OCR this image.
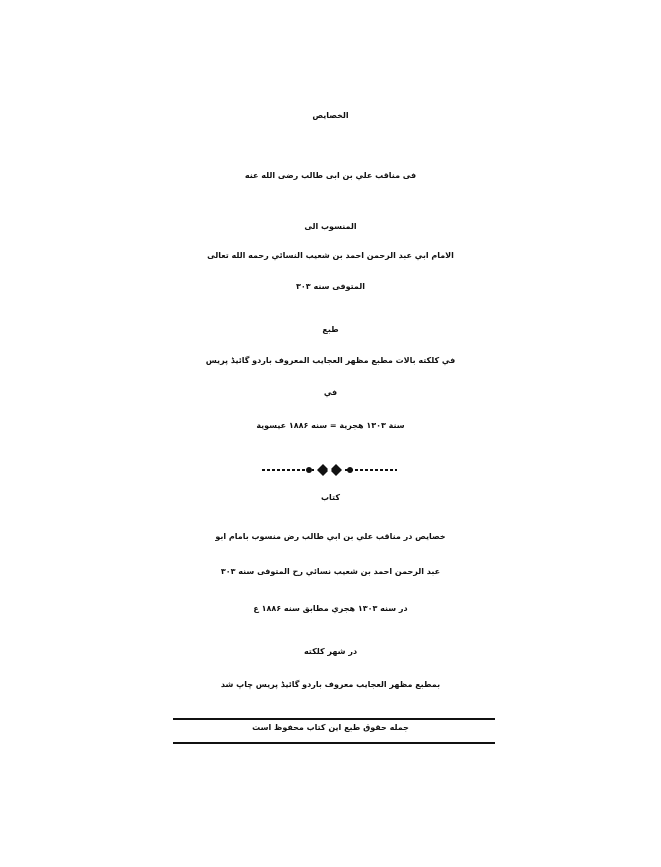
الخصايص
فی مناقب علي بن ابی طالب رضی الله عنه
المنسوب الی
الامام ابي عبد الرحمن احمد بن شعيب النسائي رحمه الله تعالی
المتوفی سنه ۳۰۳
طبع
في كلكته بالات مطبع مظهر العجايب المعروف باردو گائيڈ پريس
في
سنة ۱۳۰۳ هجرية = سنه ۱۸۸۶ عيسوية
کتاب
خصايص در مناقب علي بن ابي طالب رض منسوب بامام ابو
عبد الرحمن احمد بن شعيب نسائي رح المتوفی سنه ۳۰۳
در سنه ۱۳۰۳ هجري مطابق سنه ۱۸۸۶ ع
در شهر كلكته
بمطبع مظهر العجايب معروف باردو گائيڈ پريس چاپ شد
جمله حقوق طبع اين كتاب محفوظ است
